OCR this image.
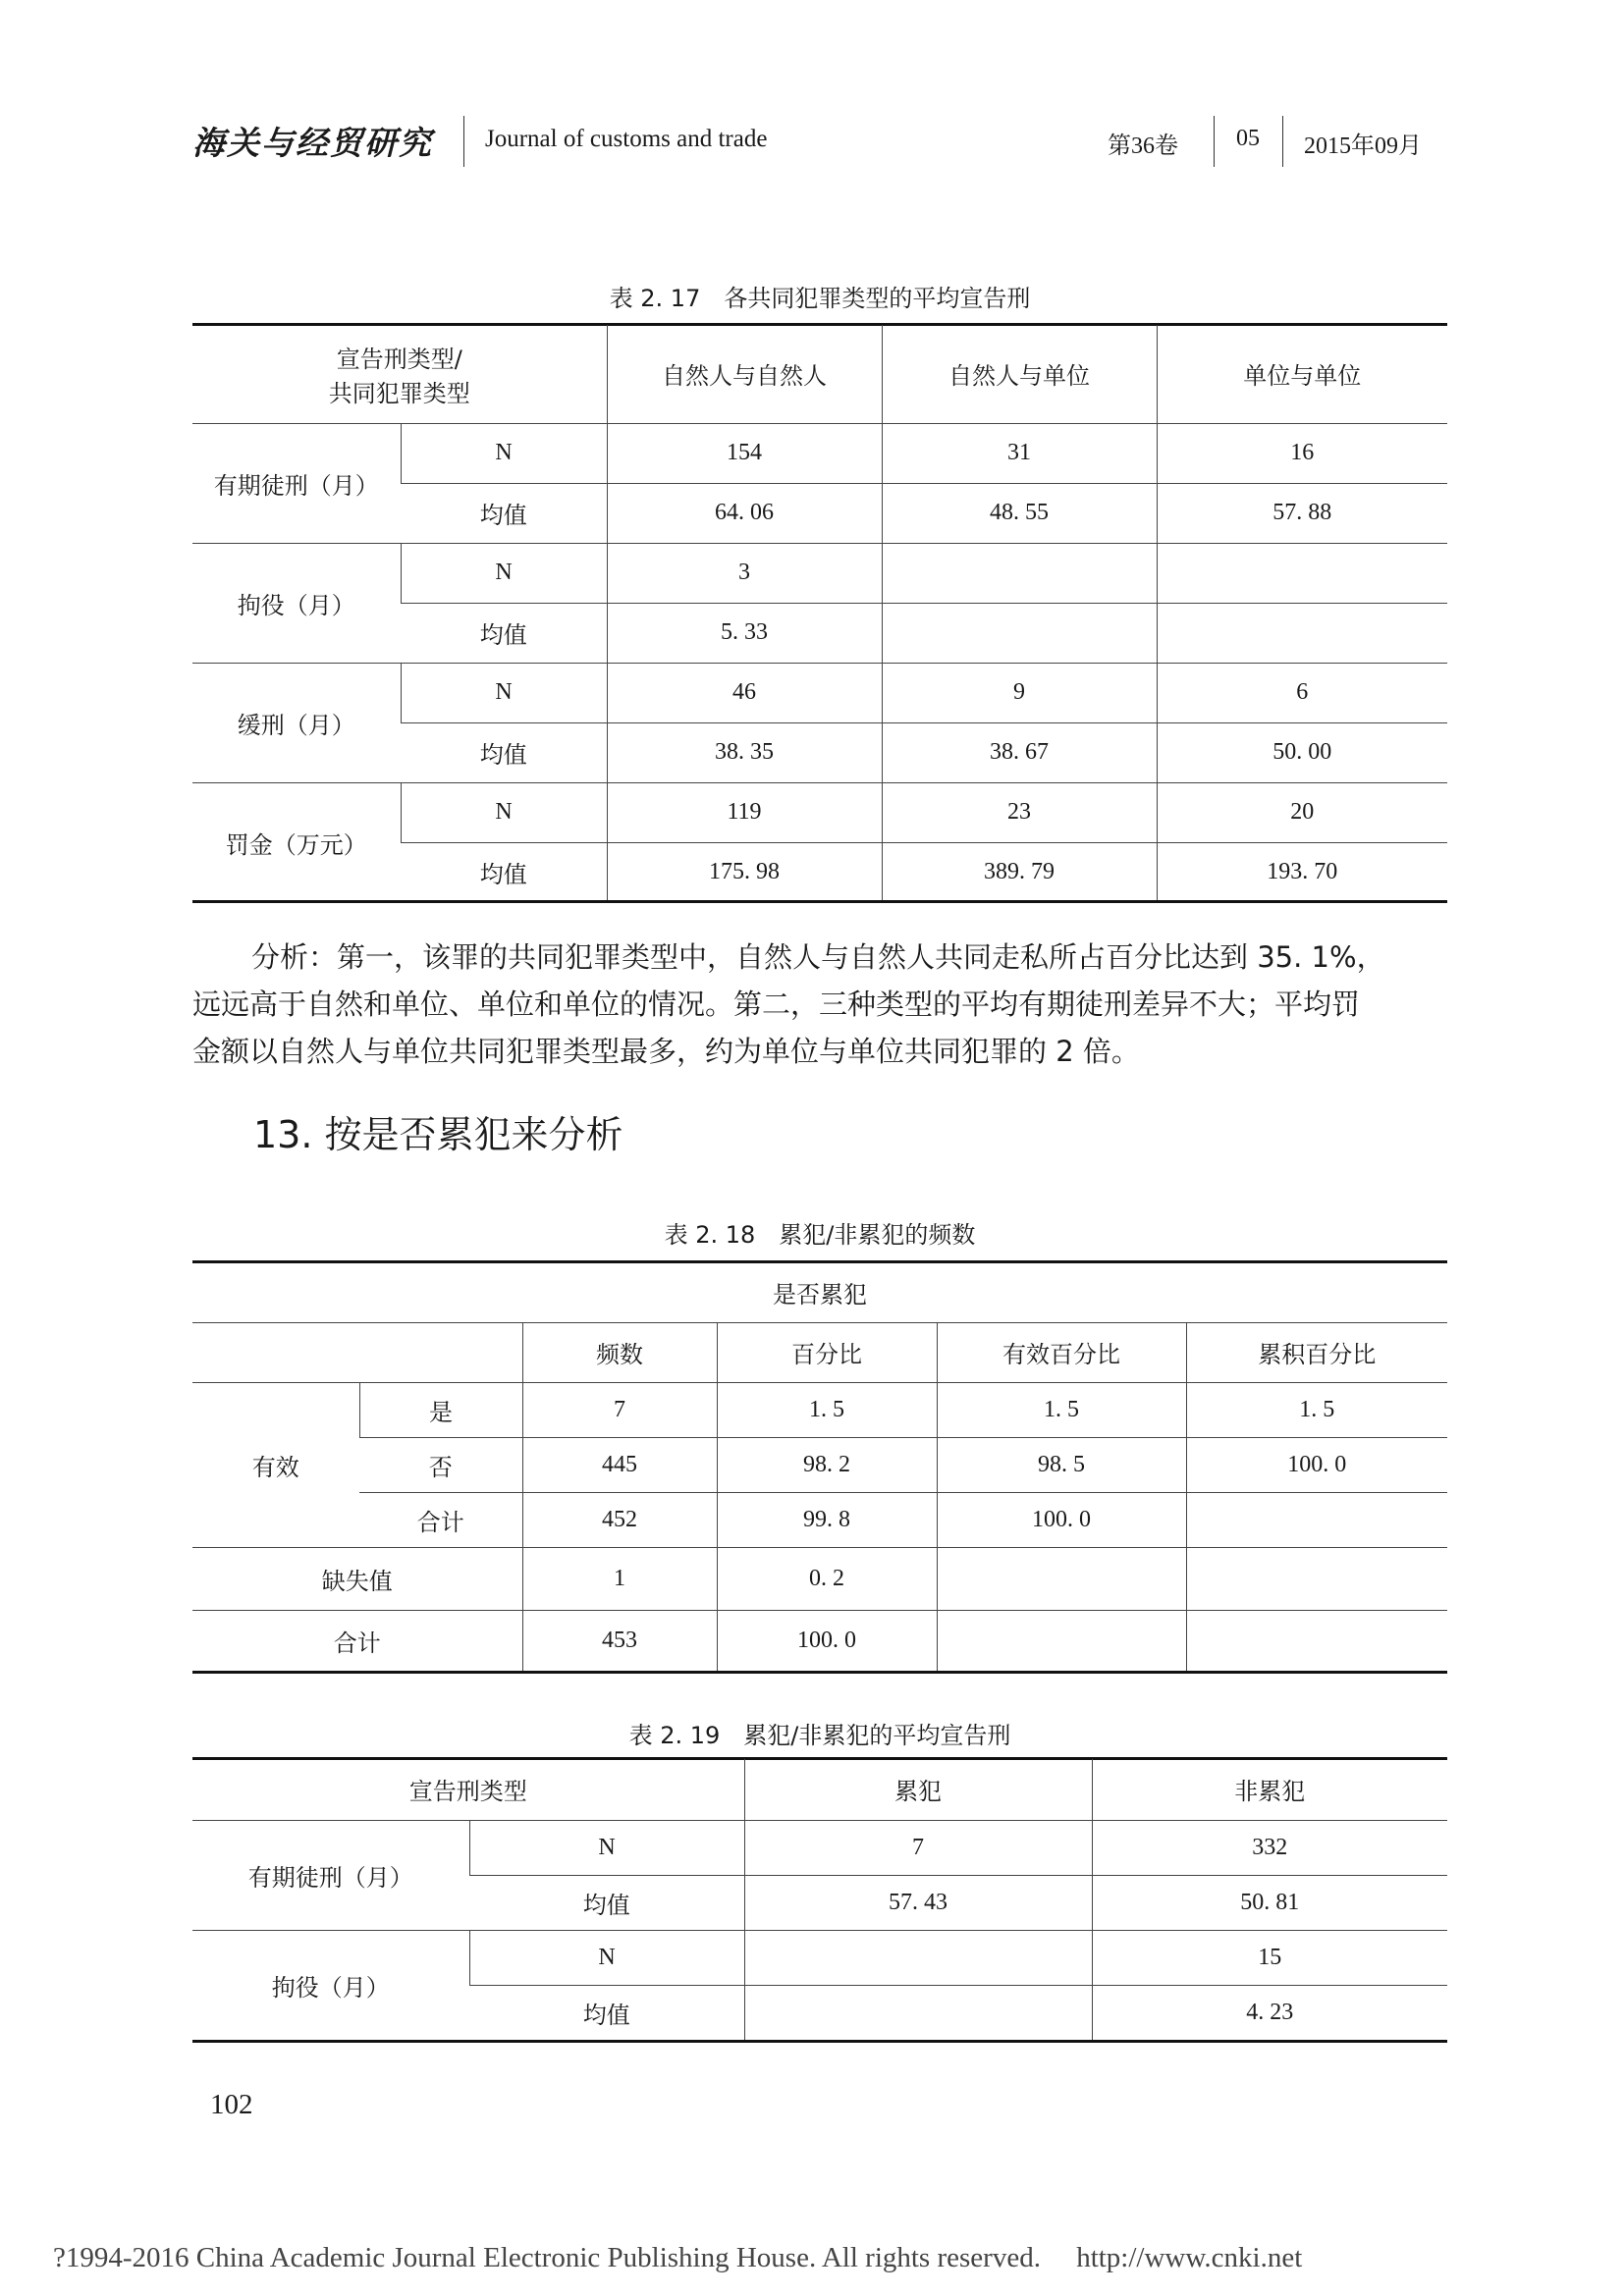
海关与经贸研究 Journal of customs and trade	第36卷 05 2015年09月
表 2. 17　各共同犯罪类型的平均宣告刑
宣告刑类型/
共同犯罪类型		自然人与自然人	自然人与单位	单位与单位
有期徒刑（月）	N	154	31	16
	均值	64. 06	48. 55	57. 88
拘役（月）	N	3		
	均值	5. 33		
缓刑（月）	N	46	9	6
	均值	38. 35	38. 67	50. 00
罚金（万元）	N	119	23	20
	均值	175. 98	389. 79	193. 70
分析：第一，该罪的共同犯罪类型中，自然人与自然人共同走私所占百分比达到 35. 1%，
远远高于自然和单位、单位和单位的情况。第二，三种类型的平均有期徒刑差异不大；平均罚
金额以自然人与单位共同犯罪类型最多，约为单位与单位共同犯罪的 2 倍。
13. 按是否累犯来分析
表 2. 18　累犯/非累犯的频数
是否累犯					
		频数	百分比	有效百分比	累积百分比
有效	是	7	1. 5	1. 5	1. 5
	否	445	98. 2	98. 5	100. 0
	合计	452	99. 8	100. 0	
缺失值		1	0. 2		
合计		453	100. 0		
表 2. 19　累犯/非累犯的平均宣告刑
宣告刑类型		累犯	非累犯
有期徒刑（月）	N	7	332
	均值	57. 43	50. 81
拘役（月）	N		15
	均值		4. 23
102
?1994-2016 China Academic Journal Electronic Publishing House. All rights reserved.　 http://www.cnki.net
